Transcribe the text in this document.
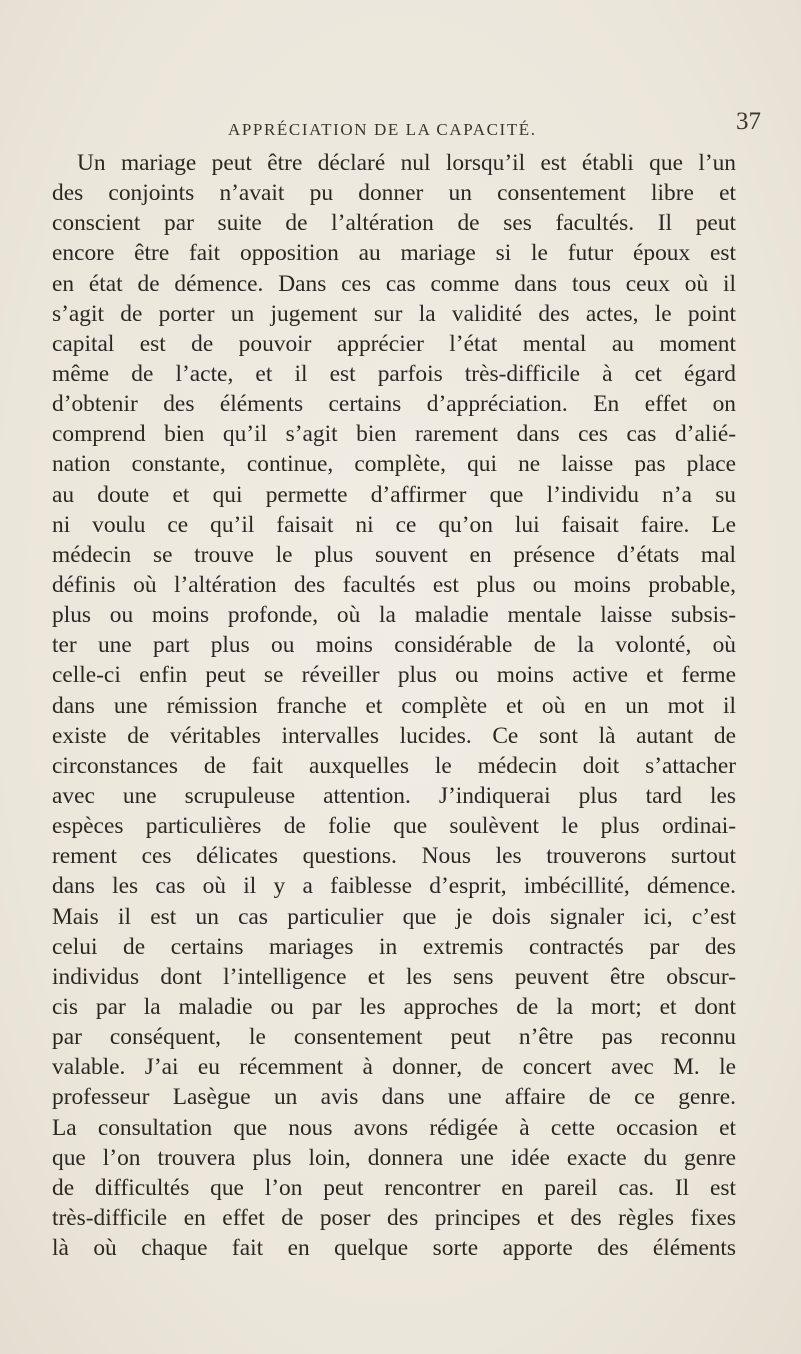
APPRÉCIATION DE LA CAPACITÉ.	37
Un mariage peut être déclaré nul lorsqu’il est établi que l’un
des conjoints n’avait pu donner un consentement libre et
conscient par suite de l’altération de ses facultés. Il peut
encore être fait opposition au mariage si le futur époux est
en état de démence. Dans ces cas comme dans tous ceux où il
s’agit de porter un jugement sur la validité des actes, le point
capital est de pouvoir apprécier l’état mental au moment
même de l’acte, et il est parfois très-difficile à cet égard
d’obtenir des éléments certains d’appréciation. En effet on
comprend bien qu’il s’agit bien rarement dans ces cas d’alié-
nation constante, continue, complète, qui ne laisse pas place
au doute et qui permette d’affirmer que l’individu n’a su
ni voulu ce qu’il faisait ni ce qu’on lui faisait faire. Le
médecin se trouve le plus souvent en présence d’états mal
définis où l’altération des facultés est plus ou moins probable,
plus ou moins profonde, où la maladie mentale laisse subsis-
ter une part plus ou moins considérable de la volonté, où
celle-ci enfin peut se réveiller plus ou moins active et ferme
dans une rémission franche et complète et où en un mot il
existe de véritables intervalles lucides. Ce sont là autant de
circonstances de fait auxquelles le médecin doit s’attacher
avec une scrupuleuse attention. J’indiquerai plus tard les
espèces particulières de folie que soulèvent le plus ordinai-
rement ces délicates questions. Nous les trouverons surtout
dans les cas où il y a faiblesse d’esprit, imbécillité, démence.
Mais il est un cas particulier que je dois signaler ici, c’est
celui de certains mariages in extremis contractés par des
individus dont l’intelligence et les sens peuvent être obscur-
cis par la maladie ou par les approches de la mort; et dont
par conséquent, le consentement peut n’être pas reconnu
valable. J’ai eu récemment à donner, de concert avec M. le
professeur Lasègue un avis dans une affaire de ce genre.
La consultation que nous avons rédigée à cette occasion et
que l’on trouvera plus loin, donnera une idée exacte du genre
de difficultés que l’on peut rencontrer en pareil cas. Il est
très-difficile en effet de poser des principes et des règles fixes
là où chaque fait en quelque sorte apporte des éléments
